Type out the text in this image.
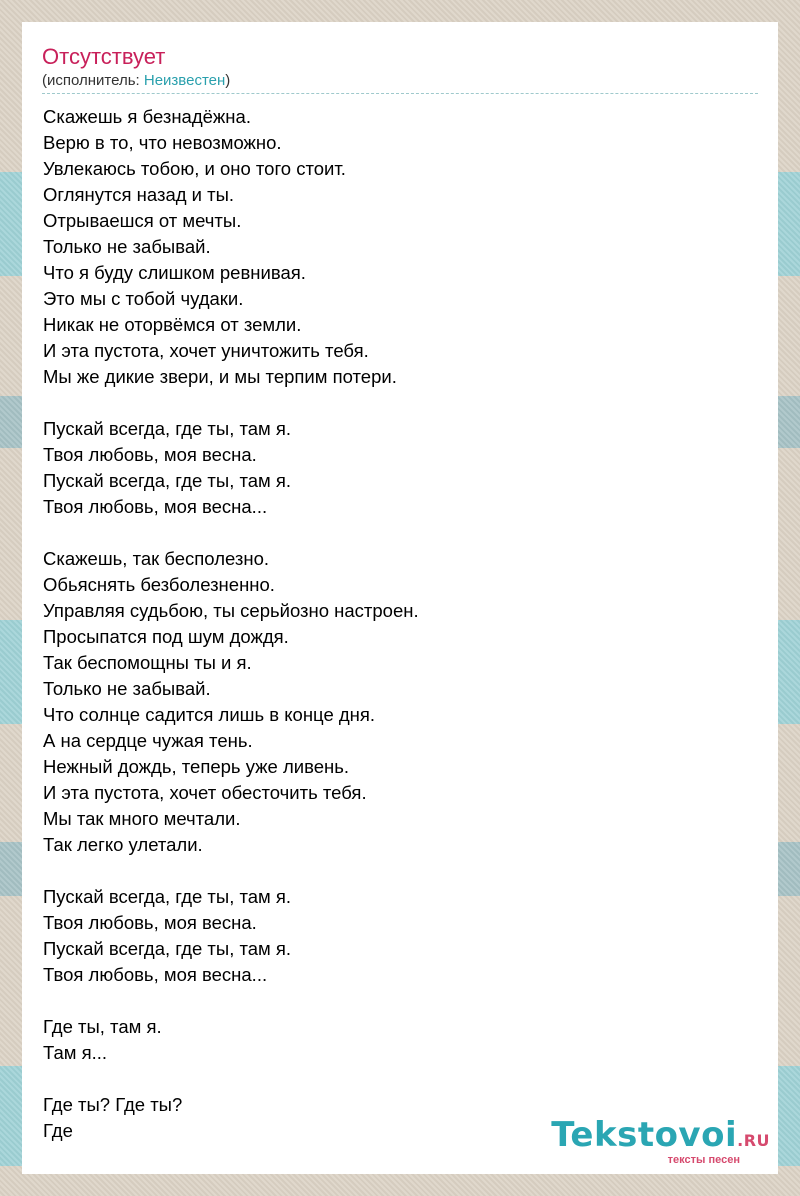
Отсутствует
(исполнитель: Неизвестен)
Скажешь я безнадёжна.
Верю в то, что невозможно.
Увлекаюсь тобою, и оно того стоит.
Оглянутся назад и ты.
Отрываешся от мечты.
Только не забывай.
Что я буду слишком ревнивая.
Это мы с тобой чудаки.
Никак не оторвёмся от земли.
И эта пустота, хочет уничтожить тебя.
Мы же дикие звери, и мы терпим потери.
Пускай всегда, где ты, там я.
Твоя любовь, моя весна.
Пускай всегда, где ты, там я.
Твоя любовь, моя весна...
Скажешь, так бесполезно.
Обьяснять безболезненно.
Управляя судьбою, ты серьйозно настроен.
Просыпатся под шум дождя.
Так беспомощны ты и я.
Только не забывай.
Что солнце садится лишь в конце дня.
А на сердце чужая тень.
Нежный дождь, теперь уже ливень.
И эта пустота, хочет обесточить тебя.
Мы так много мечтали.
Так легко улетали.
Пускай всегда, где ты, там я.
Твоя любовь, моя весна.
Пускай всегда, где ты, там я.
Твоя любовь, моя весна...
Где ты, там я.
Там я...
Где ты? Где ты?
Где	Tekstovoi.RU
тексты песен
